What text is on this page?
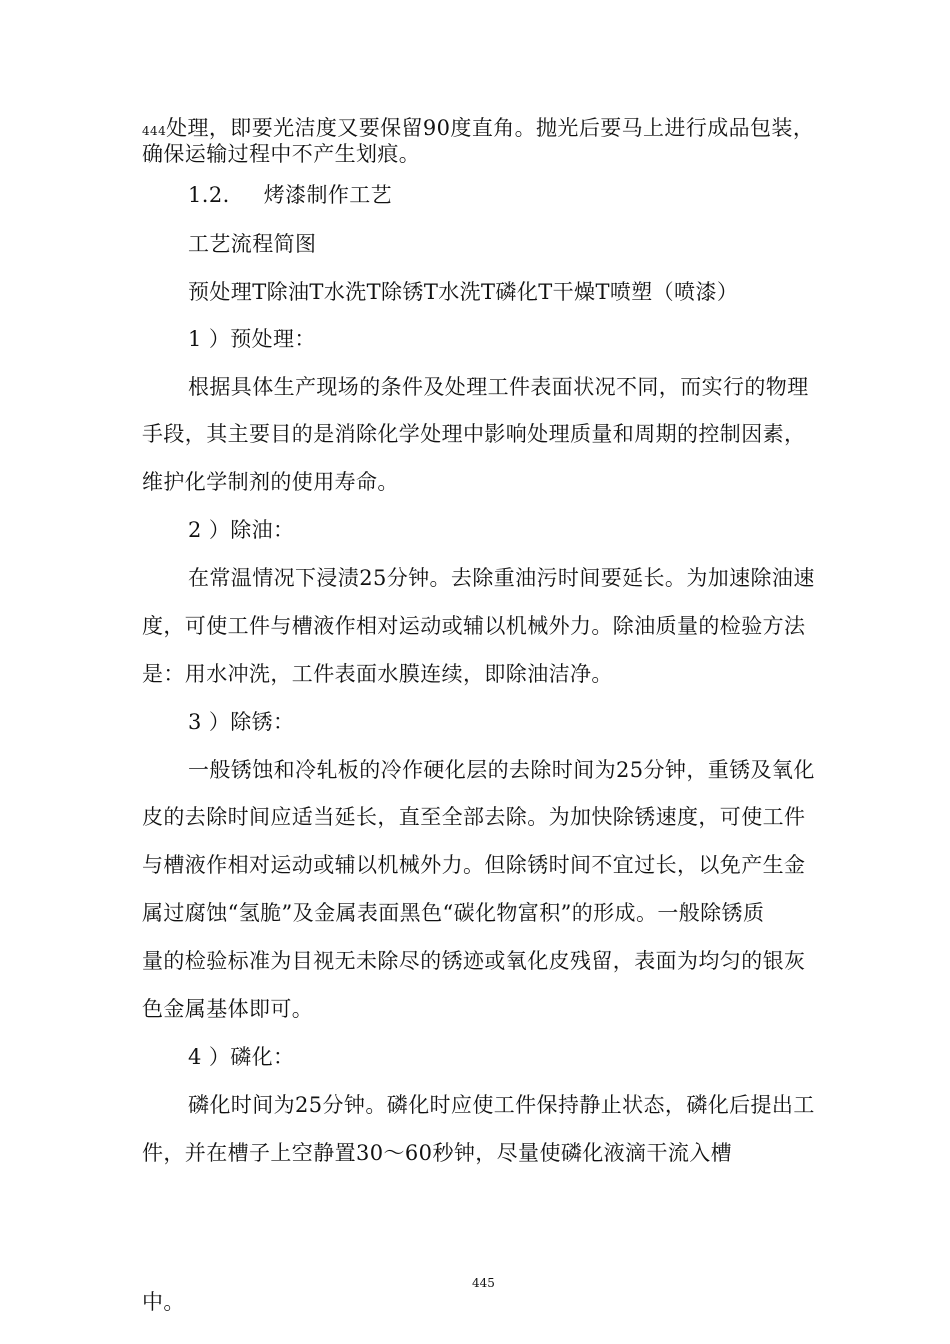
444处理，即要光洁度又要保留90度直角。抛光后要马上进行成品包装，
确保运输过程中不产生划痕。
1.2. 烤漆制作工艺
工艺流程简图
预处理T除油T水洗T除锈T水洗T磷化T干燥T喷塑（喷漆）
1 ）预处理：
根据具体生产现场的条件及处理工件表面状况不同，而实行的物理
手段，其主要目的是消除化学处理中影响处理质量和周期的控制因素，
维护化学制剂的使用寿命。
2 ）除油：
在常温情况下浸渍25分钟。去除重油污时间要延长。为加速除油速
度，可使工件与槽液作相对运动或辅以机械外力。除油质量的检验方法
是：用水冲洗，工件表面水膜连续，即除油洁净。
3 ）除锈：
一般锈蚀和冷轧板的冷作硬化层的去除时间为25分钟，重锈及氧化
皮的去除时间应适当延长，直至全部去除。为加快除锈速度，可使工件
与槽液作相对运动或辅以机械外力。但除锈时间不宜过长，以免产生金
属过腐蚀“氢脆”及金属表面黑色“碳化物富积”的形成。一般除锈质
量的检验标准为目视无未除尽的锈迹或氧化皮残留，表面为均匀的银灰
色金属基体即可。
4 ）磷化：
磷化时间为25分钟。磷化时应使工件保持静止状态，磷化后提出工
件，并在槽子上空静置30〜60秒钟，尽量使磷化液滴干流入槽
445
中。
